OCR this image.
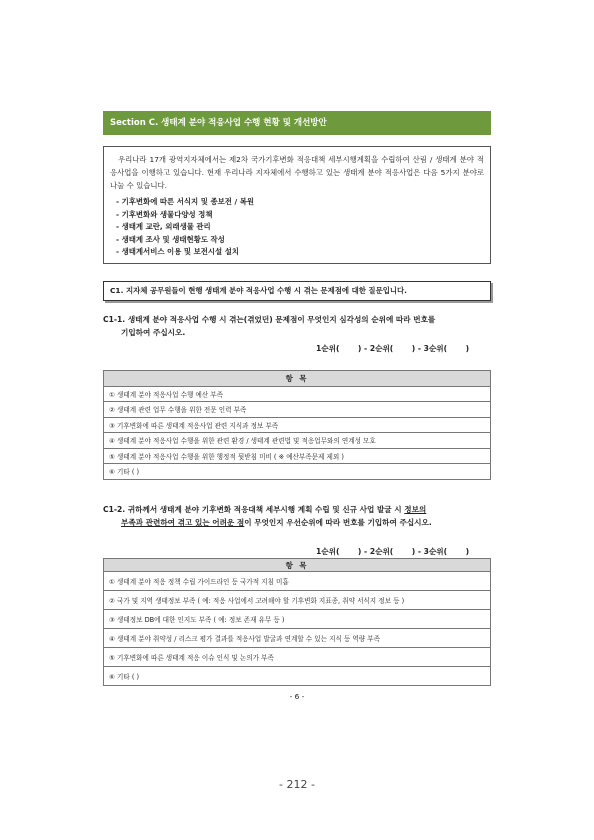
Section C. 생태계 분야 적응사업 수행 현황 및 개선방안

우리나라 17개 광역지자체에서는 제2차 국가기후변화 적응대책 세부시행계획을 수립하여 산림 / 생태계 분야 적응사업을 이행하고 있습니다. 현재 우리나라 지자체에서 수행하고 있는 생태계 분야 적응사업은 다음 5가지 분야로 나눌 수 있습니다.

- 기후변화에 따른 서식지 및 종보전 / 복원
- 기후변화와 생물다양성 정책
- 생태계 교란, 외래생물 관리
- 생태계 조사 및 생태현황도 작성
- 생태계서비스 이용 및 보전시설 설치
C1. 지자체 공무원들이 현행 생태계 분야 적응사업 수행 시 겪는 문제점에 대한 질문입니다.
C1-1. 생태계 분야 적응사업 수행 시 겪는(겪었던) 문제점이 무엇인지 심각성의 순위에 따라 번호를
기입하여 주십시오.
1순위(       ) - 2순위(       ) - 3순위(       )
항 목
① 생태계 분야 적응사업 수행 예산 부족
② 생태계 관련 업무 수행을 위한 전문 인력 부족
③ 기후변화에 따른 생태계 적응사업 관련 지식과 정보 부족
④ 생태계 분야 적응사업 수행을 위한 관련 환경 / 생태계 관련법 및 적응업무와의 연계성 모호
⑤ 생태계 분야 적응사업 수행을 위한 행정적 뒷받침 미비 ( ※ 예산부족문제 제외 )
⑥ 기타 ( )
C1-2. 귀하께서 생태계 분야 기후변화 적응대책 세부시행 계획 수립 및 신규 사업 발굴 시 정보의
부족과 관련하여 겪고 있는 어려운 점이 무엇인지 우선순위에 따라 번호를 기입하여 주십시오.
1순위(       ) - 2순위(       ) - 3순위(       )
항 목
① 생태계 분야 적응 정책 수립 가이드라인 등 국가적 지침 미흡
② 국가 및 지역 생태정보 부족 ( 예: 적응 사업에서 고려해야 할 기후변화 지표종, 취약 서식지 정보 등 )
③ 생태정보 DB에 대한 인지도 부족 ( 예: 정보 존재 유무 등 )
④ 생태계 분야 취약성 / 리스크 평가 결과를 적응사업 발굴과 연계할 수 있는 지식 등 역량 부족
⑤ 기후변화에 따른 생태계 적응 이슈 인식 및 논의가 부족
⑥ 기타 ( )
- 6 -
- 212 -
